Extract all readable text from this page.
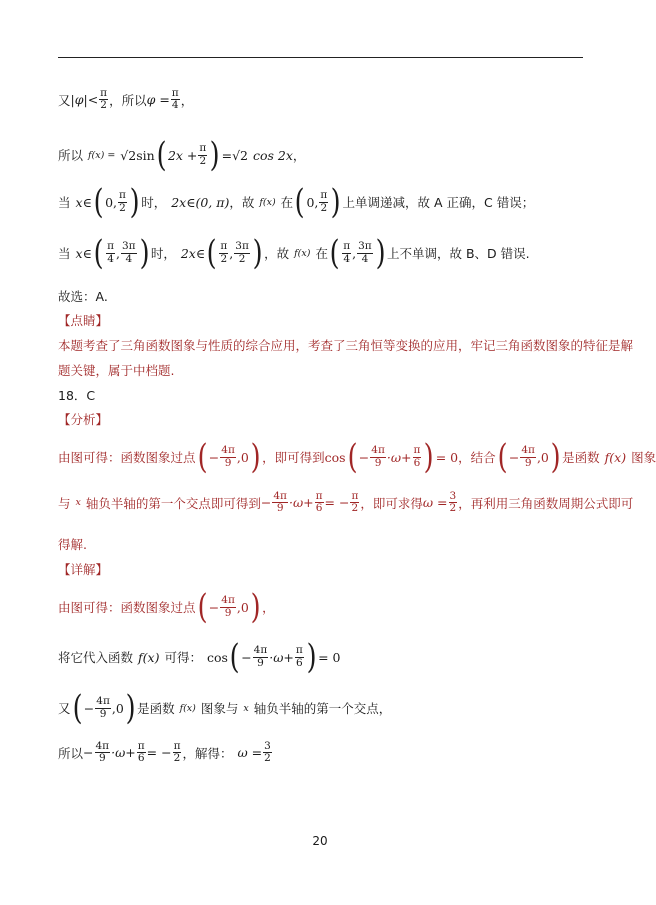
又 $|\varphi|< \frac{\pi}{2}$ ，所以 $\varphi = \frac{\pi}{4}$ ，
所以 f(x) = √2 sin ( $2x + \frac{\pi}{2}$ ) = √2 cos 2x ，
当 x∈ ( 0, $\frac{\pi}{2}$ ) 时， 2x∈(0, π) ，故 f(x) 在 ( 0, $\frac{\pi}{2}$ ) 上单调递减，故 A 正确，C 错误；
当 x∈ ( $\frac{\pi}{4}$ , $\frac{3\pi}{4}$ ) 时， 2x∈ ( $\frac{\pi}{2}$ , $\frac{3\pi}{2}$ ) ，故 f(x) 在 ( $\frac{\pi}{4}$ , $\frac{3\pi}{4}$ ) 上不单调，故 B、D 错误.
故选：A.
【点睛】
本题考查了三角函数图象与性质的综合应用，考查了三角恒等变换的应用，牢记三角函数图象的特征是解
题关键，属于中档题.
18．C
【分析】
由图可得：函数图象过点 ( − $\frac{4\pi}{9} ,0$ ) ，即可得到 cos ( − $\frac{4\pi}{9} \cdot\omega+ \frac{\pi}{6}$ ) = 0 ，结合 ( − $\frac{4\pi}{9} ,0$ ) 是函数 f(x) 图象
与 x 轴负半轴的第一个交点即可得到 − $\frac{4\pi}{9} \cdot\omega+ \frac{\pi}{6}$ = − $\frac{\pi}{2}$ ，即可求得 $\omega = \frac{3}{2}$ ，再利用三角函数周期公式即可
得解.
【详解】
由图可得：函数图象过点 ( − $\frac{4\pi}{9} ,0$ ) ，
将它代入函数 f(x) 可得： cos ( − $\frac{4\pi}{9} \cdot\omega+ \frac{\pi}{6}$ ) = 0
又 ( − $\frac{4\pi}{9} ,0$ ) 是函数 f(x) 图象与 x 轴负半轴的第一个交点，
所以 − $\frac{4\pi}{9} \cdot\omega+ \frac{\pi}{6}$ = − $\frac{\pi}{2}$ ，解得： $\omega = \frac{3}{2}$
20
